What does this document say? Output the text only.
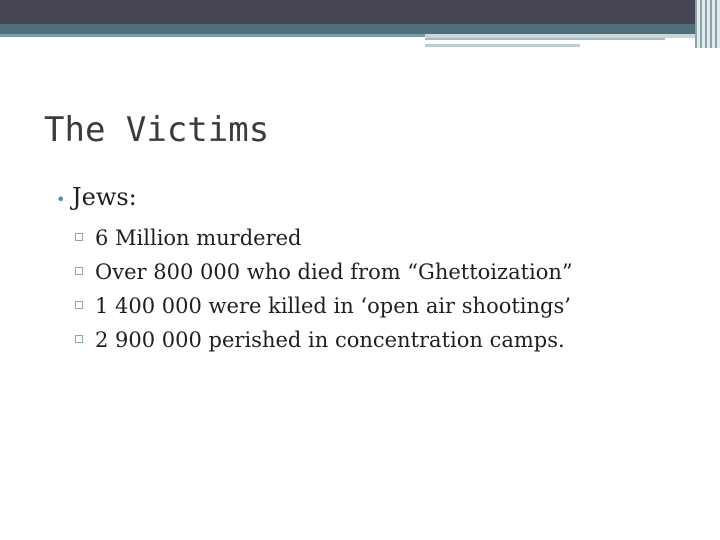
The Victims
• Jews:
6 Million murdered
Over 800 000 who died from “Ghettoization”
1 400 000 were killed in ‘open air shootings’
2 900 000 perished in concentration camps.
